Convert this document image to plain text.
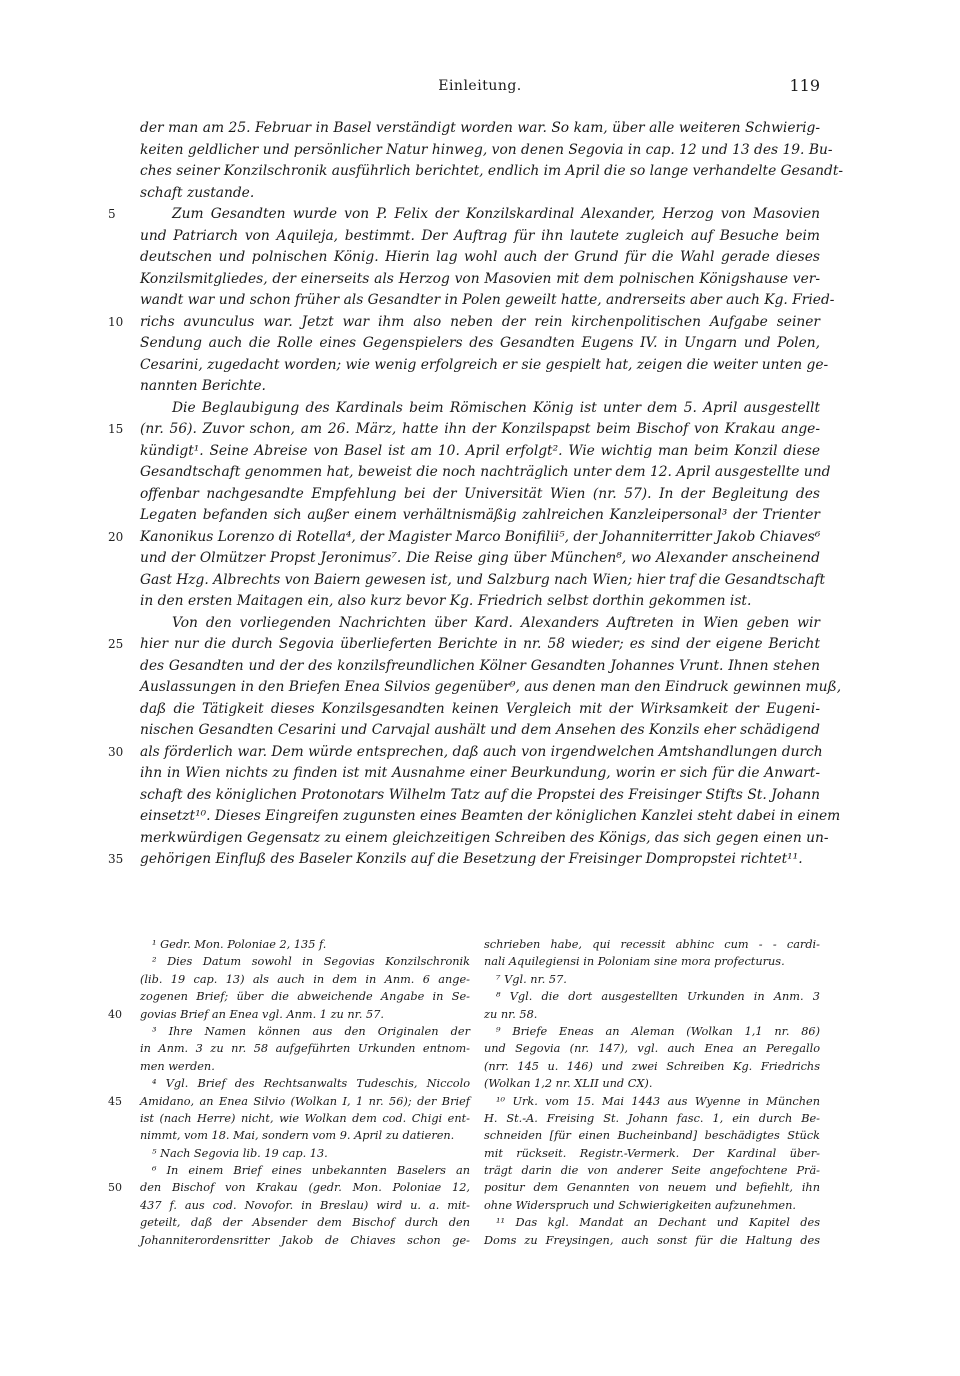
Einleitung.	119
der man am 25. Februar in Basel verständigt worden war. So kam, über alle weiteren Schwierig-
keiten geldlicher und persönlicher Natur hinweg, von denen Segovia in cap. 12 und 13 des 19. Bu-
ches seiner Konzilschronik ausführlich berichtet, endlich im April die so lange verhandelte Gesandt-
schaft zustande.
5	Zum Gesandten wurde von P. Felix der Konzilskardinal Alexander, Herzog von Masovien
und Patriarch von Aquileja, bestimmt. Der Auftrag für ihn lautete zugleich auf Besuche beim
deutschen und polnischen König. Hierin lag wohl auch der Grund für die Wahl gerade dieses
Konzilsmitgliedes, der einerseits als Herzog von Masovien mit dem polnischen Königshause ver-
wandt war und schon früher als Gesandter in Polen geweilt hatte, andrerseits aber auch Kg. Fried-
10	richs avunculus war. Jetzt war ihm also neben der rein kirchenpolitischen Aufgabe seiner
Sendung auch die Rolle eines Gegenspielers des Gesandten Eugens IV. in Ungarn und Polen,
Cesarini, zugedacht worden; wie wenig erfolgreich er sie gespielt hat, zeigen die weiter unten ge-
nannten Berichte.
Die Beglaubigung des Kardinals beim Römischen König ist unter dem 5. April ausgestellt
15	(nr. 56). Zuvor schon, am 26. März, hatte ihn der Konzilspapst beim Bischof von Krakau ange-
kündigt¹. Seine Abreise von Basel ist am 10. April erfolgt². Wie wichtig man beim Konzil diese
Gesandtschaft genommen hat, beweist die noch nachträglich unter dem 12. April ausgestellte und
offenbar nachgesandte Empfehlung bei der Universität Wien (nr. 57). In der Begleitung des
Legaten befanden sich außer einem verhältnismäßig zahlreichen Kanzleipersonal³ der Trienter
20	Kanonikus Lorenzo di Rotella⁴, der Magister Marco Bonifilii⁵, der Johanniterritter Jakob Chiaves⁶
und der Olmützer Propst Jeronimus⁷. Die Reise ging über München⁸, wo Alexander anscheinend
Gast Hzg. Albrechts von Baiern gewesen ist, und Salzburg nach Wien; hier traf die Gesandtschaft
in den ersten Maitagen ein, also kurz bevor Kg. Friedrich selbst dorthin gekommen ist.
Von den vorliegenden Nachrichten über Kard. Alexanders Auftreten in Wien geben wir
25	hier nur die durch Segovia überlieferten Berichte in nr. 58 wieder; es sind der eigene Bericht
des Gesandten und der des konzilsfreundlichen Kölner Gesandten Johannes Vrunt. Ihnen stehen
Auslassungen in den Briefen Enea Silvios gegenüber⁹, aus denen man den Eindruck gewinnen muß,
daß die Tätigkeit dieses Konzilsgesandten keinen Vergleich mit der Wirksamkeit der Eugeni-
nischen Gesandten Cesarini und Carvajal aushält und dem Ansehen des Konzils eher schädigend
30	als förderlich war. Dem würde entsprechen, daß auch von irgendwelchen Amtshandlungen durch
ihn in Wien nichts zu finden ist mit Ausnahme einer Beurkundung, worin er sich für die Anwart-
schaft des königlichen Protonotars Wilhelm Tatz auf die Propstei des Freisinger Stifts St. Johann
einsetzt¹⁰. Dieses Eingreifen zugunsten eines Beamten der königlichen Kanzlei steht dabei in einem
merkwürdigen Gegensatz zu einem gleichzeitigen Schreiben des Königs, das sich gegen einen un-
35	gehörigen Einfluß des Baseler Konzils auf die Besetzung der Freisinger Dompropstei richtet¹¹.
¹ Gedr. Mon. Poloniae 2, 135 f.
² Dies Datum sowohl in Segovias Konzilschronik
(lib. 19 cap. 13) als auch in dem in Anm. 6 ange-
zogenen Brief; über die abweichende Angabe in Se-
40	govias Brief an Enea vgl. Anm. 1 zu nr. 57.
³ Ihre Namen können aus den Originalen der
in Anm. 3 zu nr. 58 aufgeführten Urkunden entnom-
men werden.
⁴ Vgl. Brief des Rechtsanwalts Tudeschis, Niccolo
45	Amidano, an Enea Silvio (Wolkan I, 1 nr. 56); der Brief
ist (nach Herre) nicht, wie Wolkan dem cod. Chigi ent-
nimmt, vom 18. Mai, sondern vom 9. April zu datieren.
⁵ Nach Segovia lib. 19 cap. 13.
⁶ In einem Brief eines unbekannten Baselers an
50	den Bischof von Krakau (gedr. Mon. Poloniae 12,
437 f. aus cod. Novofor. in Breslau) wird u. a. mit-
geteilt, daß der Absender dem Bischof durch den
Johanniterordensritter Jakob de Chiaves schon ge-
schrieben habe, qui recessit abhinc cum - - cardi-
nali Aquilegiensi in Poloniam sine mora profecturus.
⁷ Vgl. nr. 57.
⁸ Vgl. die dort ausgestellten Urkunden in Anm. 3
zu nr. 58.
⁹ Briefe Eneas an Aleman (Wolkan 1,1 nr. 86)
und Segovia (nr. 147), vgl. auch Enea an Peregallo
(nrr. 145 u. 146) und zwei Schreiben Kg. Friedrichs
(Wolkan 1,2 nr. XLII und CX).
¹⁰ Urk. vom 15. Mai 1443 aus Wyenne in München
H. St.-A. Freising St. Johann fasc. 1, ein durch Be-
schneiden [für einen Bucheinband] beschädigtes Stück
mit rückseit. Registr.-Vermerk. Der Kardinal über-
trägt darin die von anderer Seite angefochtene Prä-
positur dem Genannten von neuem und befiehlt, ihn
ohne Widerspruch und Schwierigkeiten aufzunehmen.
¹¹ Das kgl. Mandat an Dechant und Kapitel des
Doms zu Freysingen, auch sonst für die Haltung des
